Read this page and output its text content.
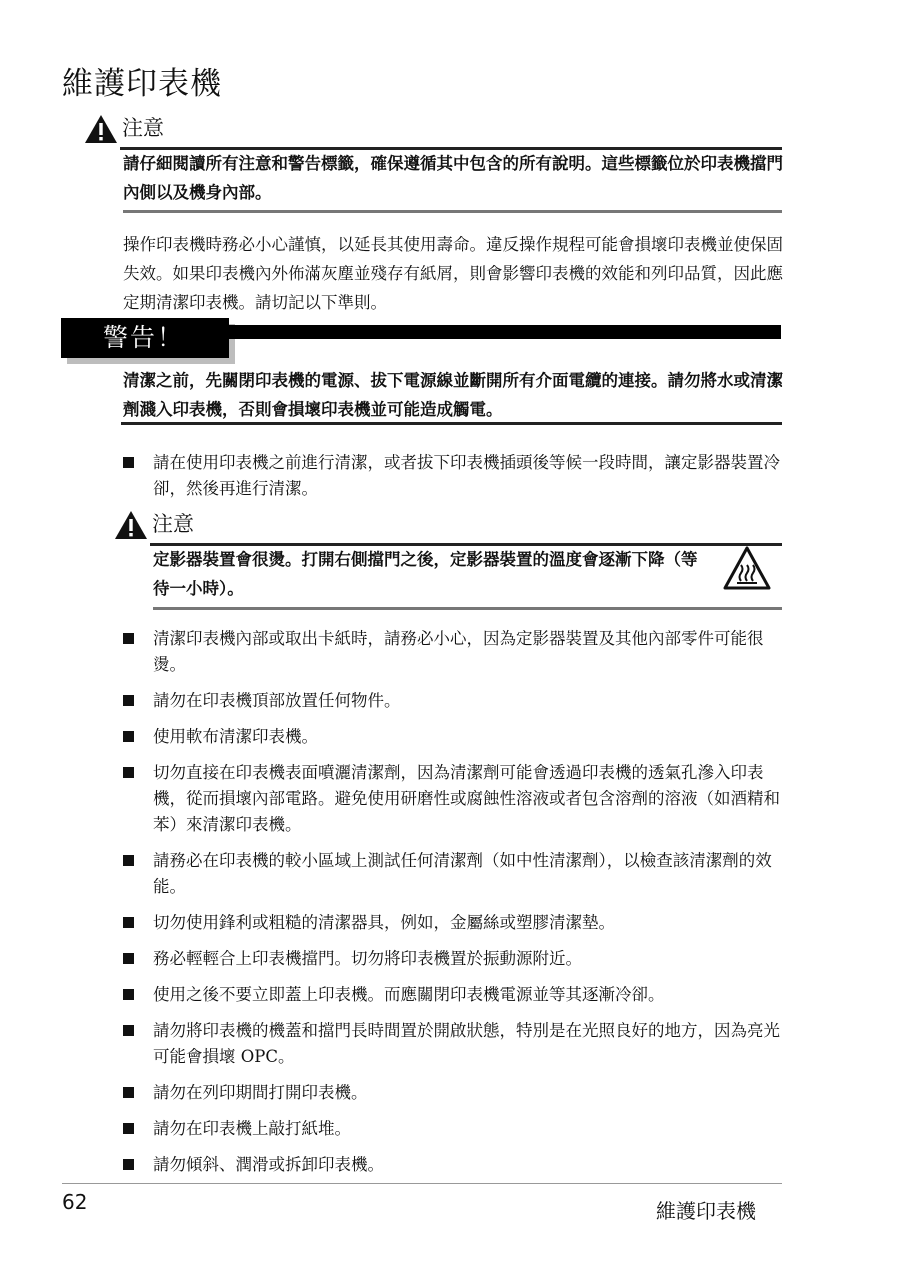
維護印表機
注意
請仔細閱讀所有注意和警告標籤，確保遵循其中包含的所有說明。這些標籤位於印表機擋門內側以及機身內部。
操作印表機時務必小心謹慎，以延長其使用壽命。違反操作規程可能會損壞印表機並使保固失效。如果印表機內外佈滿灰塵並殘存有紙屑，則會影響印表機的效能和列印品質，因此應定期清潔印表機。請切記以下準則。
警告！
清潔之前，先關閉印表機的電源、拔下電源線並斷開所有介面電纜的連接。請勿將水或清潔劑濺入印表機，否則會損壞印表機並可能造成觸電。
請在使用印表機之前進行清潔，或者拔下印表機插頭後等候一段時間，讓定影器裝置冷卻，然後再進行清潔。
注意
定影器裝置會很燙。打開右側擋門之後，定影器裝置的溫度會逐漸下降（等待一小時）。
清潔印表機內部或取出卡紙時，請務必小心，因為定影器裝置及其他內部零件可能很燙。
請勿在印表機頂部放置任何物件。
使用軟布清潔印表機。
切勿直接在印表機表面噴灑清潔劑，因為清潔劑可能會透過印表機的透氣孔滲入印表機，從而損壞內部電路。避免使用研磨性或腐蝕性溶液或者包含溶劑的溶液（如酒精和苯）來清潔印表機。
請務必在印表機的較小區域上測試任何清潔劑（如中性清潔劑），以檢查該清潔劑的效能。
切勿使用鋒利或粗糙的清潔器具，例如，金屬絲或塑膠清潔墊。
務必輕輕合上印表機擋門。切勿將印表機置於振動源附近。
使用之後不要立即蓋上印表機。而應關閉印表機電源並等其逐漸冷卻。
請勿將印表機的機蓋和擋門長時間置於開啟狀態，特別是在光照良好的地方，因為亮光可能會損壞 OPC。
請勿在列印期間打開印表機。
請勿在印表機上敲打紙堆。
請勿傾斜、潤滑或拆卸印表機。
62	維護印表機
